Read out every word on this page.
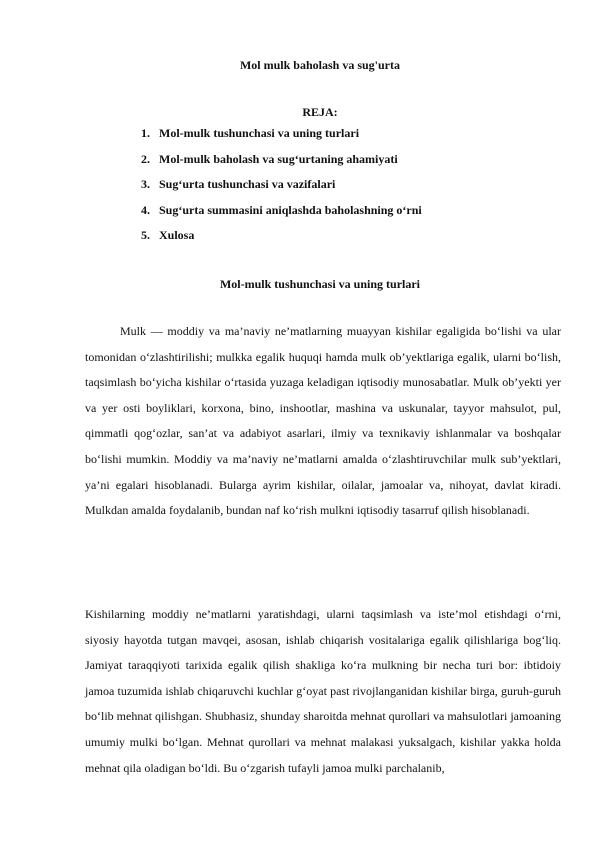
Mol mulk baholash va sug'urta
REJA:
1. Mol-mulk tushunchasi va uning turlari
2. Mol-mulk baholash va sug‘urtaning ahamiyati
3. Sug‘urta tushunchasi va vazifalari
4. Sug‘urta summasini aniqlashda baholashning o‘rni
5. Xulosa
Mol-mulk tushunchasi va uning turlari

Mulk — moddiy va ma’naviy ne’matlarning muayyan kishilar egaligida bo‘lishi va ular tomonidan o‘zlashtirilishi; mulkka egalik huquqi hamda mulk ob’yektlariga egalik, ularni bo‘lish, taqsimlash bo‘yicha kishilar o‘rtasida yuzaga keladigan iqtisodiy munosabatlar. Mulk ob’yekti yer va yer osti boyliklari, korxona, bino, inshootlar, mashina va uskunalar, tayyor mahsulot, pul, qimmatli qog‘ozlar, san’at va adabiyot asarlari, ilmiy va texnikaviy ishlanmalar va boshqalar bo‘lishi mumkin. Moddiy va ma’naviy ne’matlarni amalda o‘zlashtiruvchilar mulk sub’yektlari, ya’ni egalari hisoblanadi. Bularga ayrim kishilar, oilalar, jamoalar va, nihoyat, davlat kiradi. Mulkdan amalda foydalanib, bundan naf ko‘rish mulkni iqtisodiy tasarruf qilish hisoblanadi.

Kishilarning moddiy ne’matlarni yaratishdagi, ularni taqsimlash va iste’mol etishdagi o‘rni, siyosiy hayotda tutgan mavqei, asosan, ishlab chiqarish vositalariga egalik qilishlariga bog‘liq. Jamiyat taraqqiyoti tarixida egalik qilish shakliga ko‘ra mulkning bir necha turi bor: ibtidoiy jamoa tuzumida ishlab chiqaruvchi kuchlar g‘oyat past rivojlanganidan kishilar birga, guruh-guruh bo‘lib mehnat qilishgan. Shubhasiz, shunday sharoitda mehnat qurollari va mahsulotlari jamoaning umumiy mulki bo‘lgan. Mehnat qurollari va mehnat malakasi yuksalgach, kishilar yakka holda mehnat qila oladigan bo‘ldi. Bu o‘zgarish tufayli jamoa mulki parchalanib,
